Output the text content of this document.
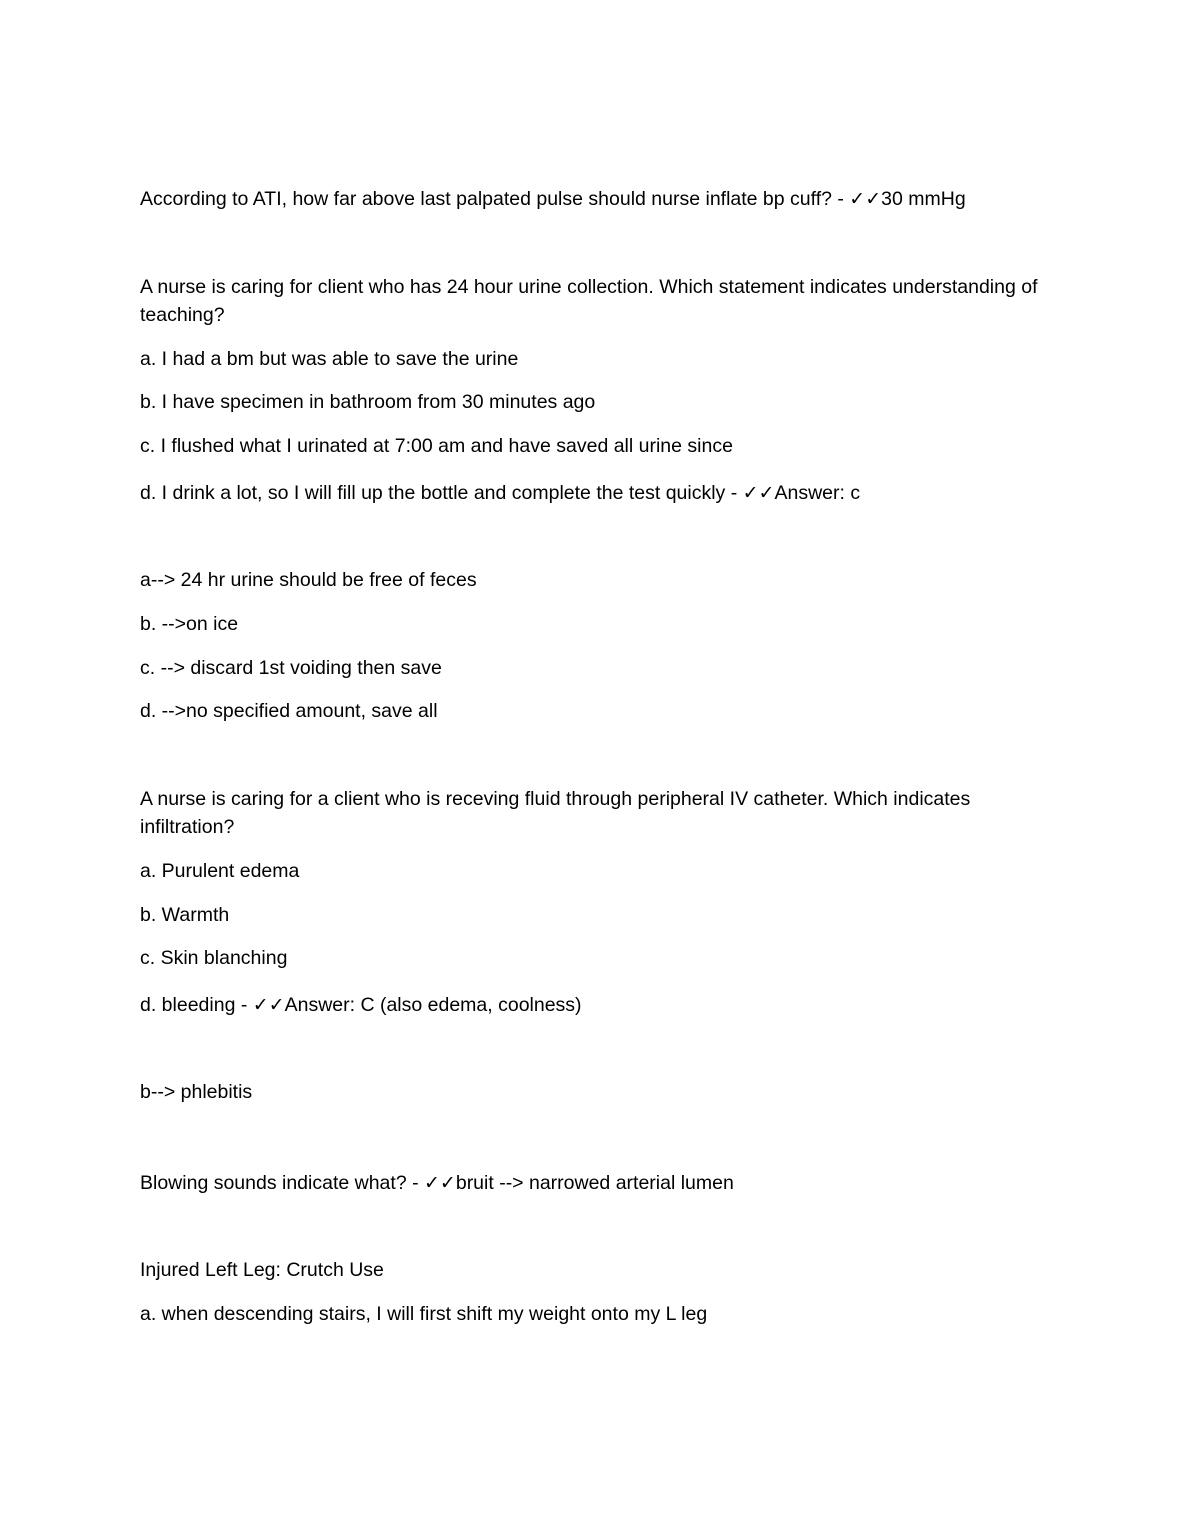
According to ATI, how far above last palpated pulse should nurse inflate bp cuff? - ✓✓30 mmHg
A nurse is caring for client who has 24 hour urine collection. Which statement indicates understanding of teaching?
a. I had a bm but was able to save the urine
b. I have specimen in bathroom from 30 minutes ago
c. I flushed what I urinated at 7:00 am and have saved all urine since
d. I drink a lot, so I will fill up the bottle and complete the test quickly - ✓✓Answer: c
a--> 24 hr urine should be free of feces
b. -->on ice
c. --> discard 1st voiding then save
d. -->no specified amount, save all
A nurse is caring for a client who is receving fluid through peripheral IV catheter. Which indicates infiltration?
a. Purulent edema
b. Warmth
c. Skin blanching
d. bleeding - ✓✓Answer: C (also edema, coolness)
b--> phlebitis
Blowing sounds indicate what? - ✓✓bruit --> narrowed arterial lumen
Injured Left Leg: Crutch Use
a. when descending stairs, I will first shift my weight onto my L leg
